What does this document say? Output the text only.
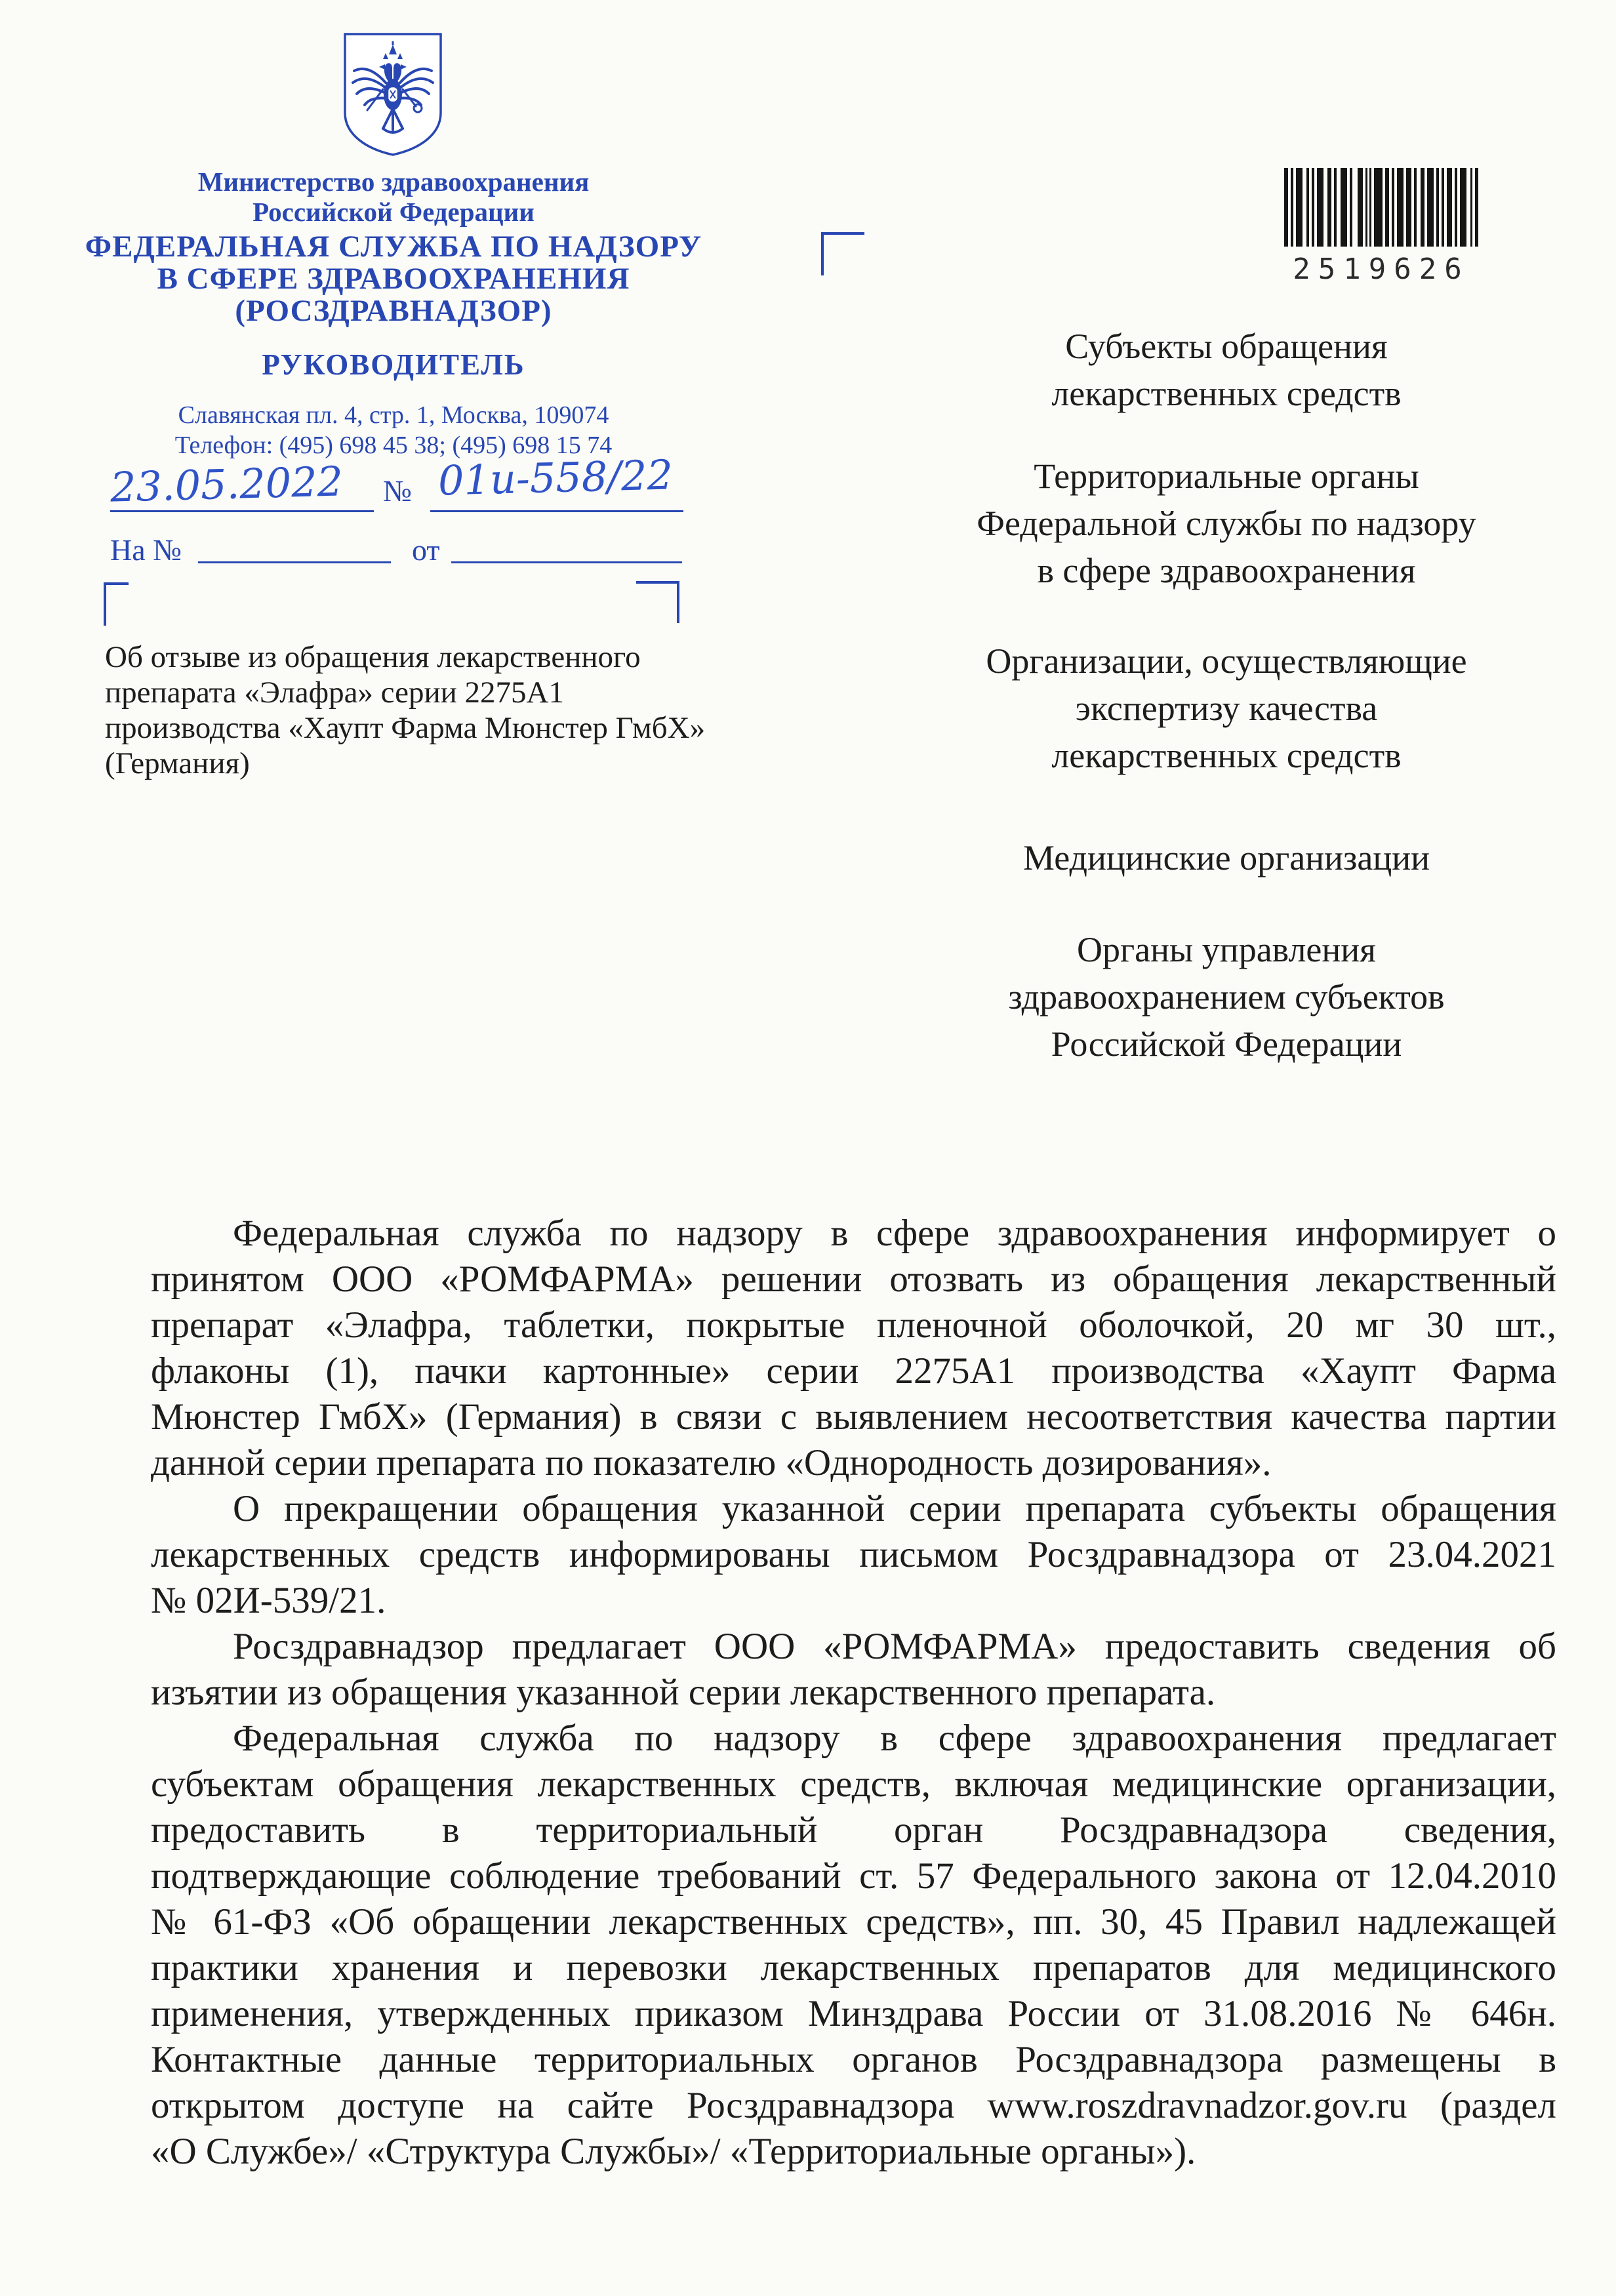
Министерство здравоохранения
Российской Федерации
ФЕДЕРАЛЬНАЯ СЛУЖБА ПО НАДЗОРУ
В СФЕРЕ ЗДРАВООХРАНЕНИЯ
(РОСЗДРАВНАДЗОР)
РУКОВОДИТЕЛЬ
Славянская пл. 4, стр. 1, Москва, 109074
Телефон: (495) 698 45 38; (495) 698 15 74
23.05.2022 № 01и-558/22
На №	от
Об отзыве из обращения лекарственного
препарата «Элафра» серии 2275А1
производства «Хаупт Фарма Мюнстер ГмбХ»
(Германия)
2519626
Субъекты обращения
лекарственных средств
Территориальные органы
Федеральной службы по надзору
в сфере здравоохранения
Организации, осуществляющие
экспертизу качества
лекарственных средств
Медицинские организации
Органы управления
здравоохранением субъектов
Российской Федерации
Федеральная служба по надзору в сфере здравоохранения информирует о
принятом ООО «РОМФАРМА» решении отозвать из обращения лекарственный
препарат «Элафра, таблетки, покрытые пленочной оболочкой, 20 мг 30 шт.,
флаконы (1), пачки картонные» серии 2275А1 производства «Хаупт Фарма
Мюнстер ГмбХ» (Германия) в связи с выявлением несоответствия качества партии
данной серии препарата по показателю «Однородность дозирования».
О прекращении обращения указанной серии препарата субъекты обращения
лекарственных средств информированы письмом Росздравнадзора от 23.04.2021
№ 02И-539/21.
Росздравнадзор предлагает ООО «РОМФАРМА» предоставить сведения об
изъятии из обращения указанной серии лекарственного препарата.
Федеральная служба по надзору в сфере здравоохранения предлагает
субъектам обращения лекарственных средств, включая медицинские организации,
предоставить в территориальный орган Росздравнадзора сведения,
подтверждающие соблюдение требований ст. 57 Федерального закона от 12.04.2010
№ 61-ФЗ «Об обращении лекарственных средств», пп. 30, 45 Правил надлежащей
практики хранения и перевозки лекарственных препаратов для медицинского
применения, утвержденных приказом Минздрава России от 31.08.2016 № 646н.
Контактные данные территориальных органов Росздравнадзора размещены в
открытом доступе на сайте Росздравнадзора www.roszdravnadzor.gov.ru (раздел
«О Службе»/ «Структура Службы»/ «Территориальные органы»).
